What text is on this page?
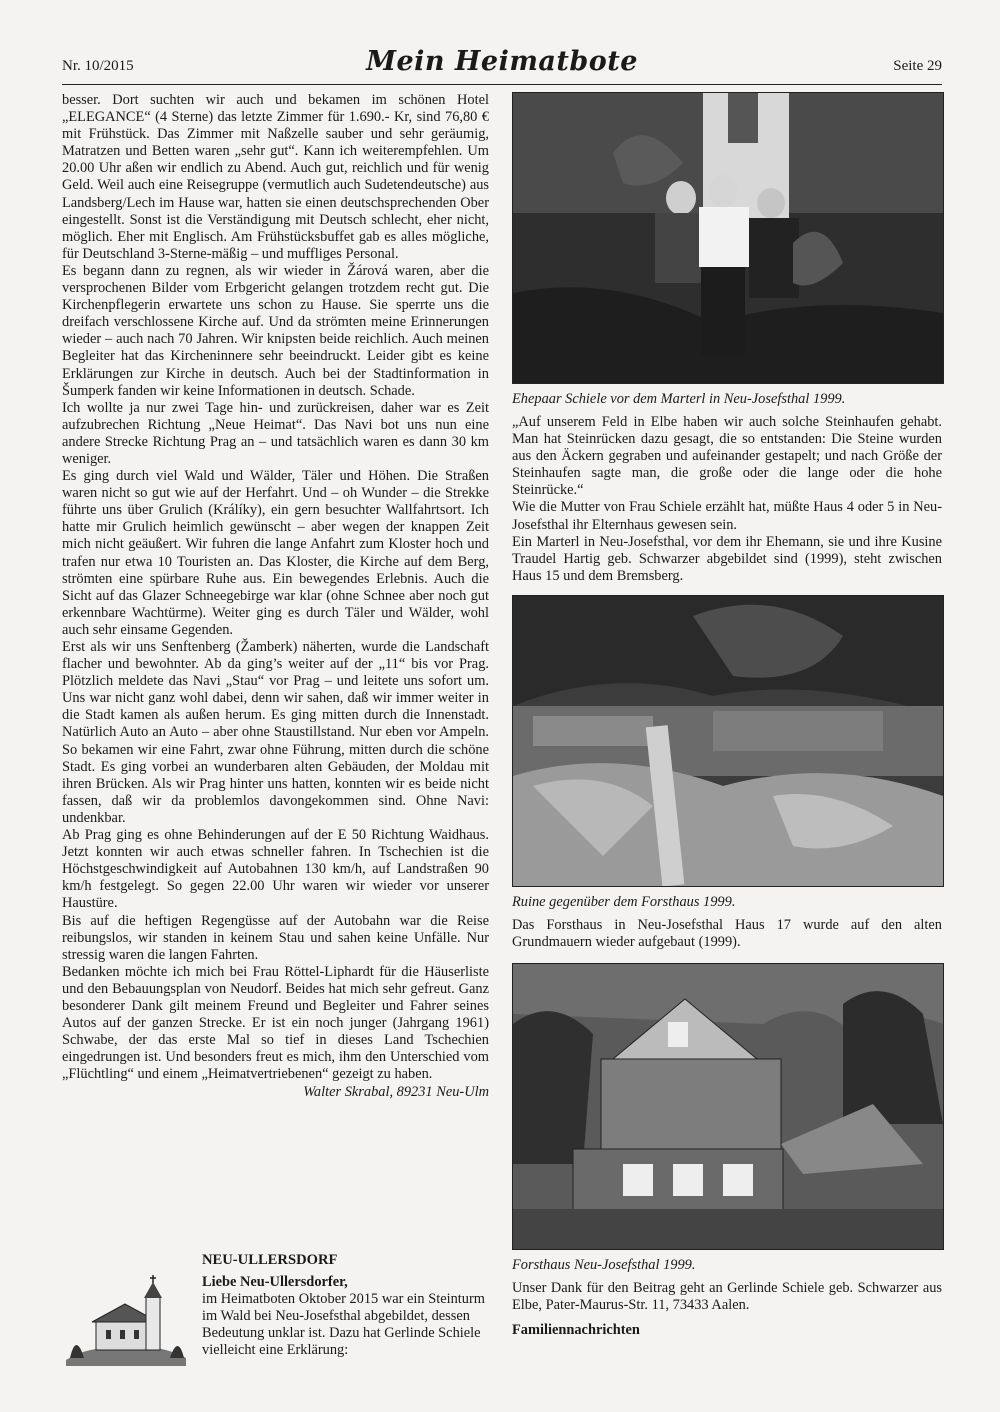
Nr. 10/2015	Mein Heimatbote	Seite 29

besser. Dort suchten wir auch und bekamen im schönen Hotel „ELEGANCE“ (4 Sterne) das letzte Zimmer für 1.690.- Kr, sind 76,80 € mit Frühstück. Das Zimmer mit Naßzelle sauber und sehr geräumig, Matratzen und Betten waren „sehr gut“. Kann ich weiterempfehlen. Um 20.00 Uhr aßen wir endlich zu Abend. Auch gut, reichlich und für wenig Geld. Weil auch eine Reisegruppe (vermutlich auch Sudetendeutsche) aus Landsberg/Lech im Hause war, hatten sie einen deutschsprechenden Ober eingestellt. Sonst ist die Verständigung mit Deutsch schlecht, eher nicht, möglich. Eher mit Englisch. Am Frühstücksbuffet gab es alles mögliche, für Deutschland 3-Sterne-mäßig – und muffliges Personal.

Es begann dann zu regnen, als wir wieder in Žárová waren, aber die versprochenen Bilder vom Erbgericht gelangen trotzdem recht gut. Die Kirchenpflegerin erwartete uns schon zu Hause. Sie sperrte uns die dreifach verschlossene Kirche auf. Und da strömten meine Erinnerungen wieder – auch nach 70 Jahren. Wir knipsten beide reichlich. Auch meinen Begleiter hat das Kircheninnere sehr beeindruckt. Leider gibt es keine Erklärungen zur Kirche in deutsch. Auch bei der Stadtinformation in Šumperk fanden wir keine Informationen in deutsch. Schade.

Ich wollte ja nur zwei Tage hin- und zurückreisen, daher war es Zeit aufzubrechen Richtung „Neue Heimat“. Das Navi bot uns nun eine andere Strecke Richtung Prag an – und tatsächlich waren es dann 30 km weniger.

Es ging durch viel Wald und Wälder, Täler und Höhen. Die Straßen waren nicht so gut wie auf der Herfahrt. Und – oh Wunder – die Strekke führte uns über Grulich (Králíky), ein gern besuchter Wallfahrtsort. Ich hatte mir Grulich heimlich gewünscht – aber wegen der knappen Zeit mich nicht geäußert. Wir fuhren die lange Anfahrt zum Kloster hoch und trafen nur etwa 10 Touristen an. Das Kloster, die Kirche auf dem Berg, strömten eine spürbare Ruhe aus. Ein bewegendes Erlebnis. Auch die Sicht auf das Glazer Schneegebirge war klar (ohne Schnee aber noch gut erkennbare Wachtürme). Weiter ging es durch Täler und Wälder, wohl auch sehr einsame Gegenden.

Erst als wir uns Senftenberg (Žamberk) näherten, wurde die Landschaft flacher und bewohnter. Ab da ging’s weiter auf der „11“ bis vor Prag. Plötzlich meldete das Navi „Stau“ vor Prag – und leitete uns sofort um. Uns war nicht ganz wohl dabei, denn wir sahen, daß wir immer weiter in die Stadt kamen als außen herum. Es ging mitten durch die Innenstadt. Natürlich Auto an Auto – aber ohne Staustillstand. Nur eben vor Ampeln. So bekamen wir eine Fahrt, zwar ohne Führung, mitten durch die schöne Stadt. Es ging vorbei an wunderbaren alten Gebäuden, der Moldau mit ihren Brücken. Als wir Prag hinter uns hatten, konnten wir es beide nicht fassen, daß wir da problemlos davongekommen sind. Ohne Navi: undenkbar.

Ab Prag ging es ohne Behinderungen auf der E 50 Richtung Waidhaus. Jetzt konnten wir auch etwas schneller fahren. In Tschechien ist die Höchstgeschwindigkeit auf Autobahnen 130 km/h, auf Landstraßen 90 km/h festgelegt. So gegen 22.00 Uhr waren wir wieder vor unserer Haustüre.

Bis auf die heftigen Regengüsse auf der Autobahn war die Reise reibungslos, wir standen in keinem Stau und sahen keine Unfälle. Nur stressig waren die langen Fahrten.

Bedanken möchte ich mich bei Frau Röttel-Liphardt für die Häuserliste und den Bebauungsplan von Neudorf. Beides hat mich sehr gefreut. Ganz besonderer Dank gilt meinem Freund und Begleiter und Fahrer seines Autos auf der ganzen Strecke. Er ist ein noch junger (Jahrgang 1961) Schwabe, der das erste Mal so tief in dieses Land Tschechien eingedrungen ist. Und besonders freut es mich, ihm den Unterschied vom „Flüchtling“ und einem „Heimatvertriebenen“ gezeigt zu haben.

Walter Skrabal, 89231 Neu-Ulm
NEU-ULLERSDORF
Liebe Neu-Ullersdorfer,
im Heimatboten Oktober 2015 war ein Steinturm im Wald bei Neu-Josefsthal abgebildet, dessen Bedeutung unklar ist. Dazu hat Gerlinde Schiele vielleicht eine Erklärung:
Ehepaar Schiele vor dem Marterl in Neu-Josefsthal 1999.

„Auf unserem Feld in Elbe haben wir auch solche Steinhaufen gehabt. Man hat Steinrücken dazu gesagt, die so entstanden: Die Steine wurden aus den Äckern gegraben und aufeinander gestapelt; und nach Größe der Steinhaufen sagte man, die große oder die lange oder die hohe Steinrücke.“

Wie die Mutter von Frau Schiele erzählt hat, müßte Haus 4 oder 5 in Neu-Josefsthal ihr Elternhaus gewesen sein.

Ein Marterl in Neu-Josefsthal, vor dem ihr Ehemann, sie und ihre Kusine Traudel Hartig geb. Schwarzer abgebildet sind (1999), steht zwischen Haus 15 und dem Bremsberg.

Ruine gegenüber dem Forsthaus 1999.

Das Forsthaus in Neu-Josefsthal Haus 17 wurde auf den alten Grundmauern wieder aufgebaut (1999).

Forsthaus Neu-Josefsthal 1999.

Unser Dank für den Beitrag geht an Gerlinde Schiele geb. Schwarzer aus Elbe, Pater-Maurus-Str. 11, 73433 Aalen.

Familiennachrichten
